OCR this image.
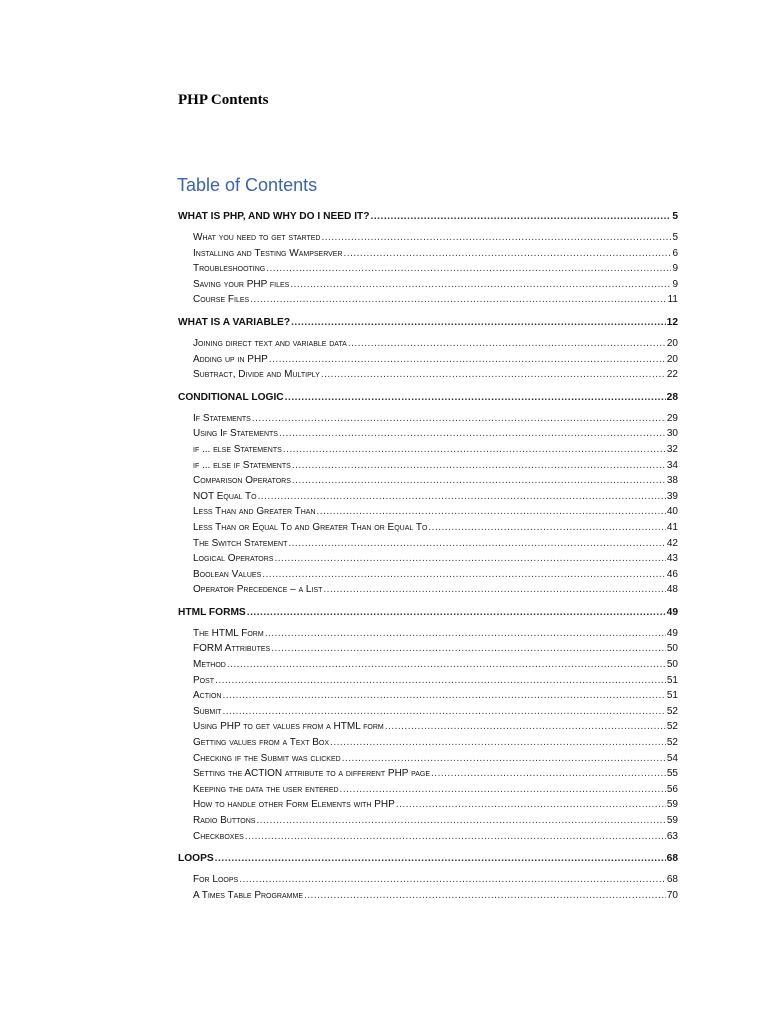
PHP Contents
Table of Contents
WHAT IS PHP, AND WHY DO I NEED IT? .....	5
What you need to get started .....	5
Installing and Testing Wampserver .....	6
Troubleshooting .....	9
Saving your PHP files .....	9
Course Files .....	11
WHAT IS A VARIABLE? .....	12
Joining direct text and variable data .....	20
Adding up in PHP .....	20
Subtract, Divide and Multiply .....	22
CONDITIONAL LOGIC .....	28
If Statements .....	29
Using If Statements .....	30
if ... else Statements .....	32
if ... else if Statements .....	34
Comparison Operators .....	38
NOT Equal To .....	39
Less Than and Greater Than .....	40
Less Than or Equal To and Greater Than or Equal To .....	41
The Switch Statement .....	42
Logical Operators .....	43
Boolean Values .....	46
Operator Precedence – a List .....	48
HTML FORMS .....	49
The HTML Form .....	49
FORM Attributes .....	50
Method .....	50
Post .....	51
Action .....	51
Submit .....	52
Using PHP to get values from a HTML form .....	52
Getting values from a Text Box .....	52
Checking if the Submit was clicked .....	54
Setting the ACTION attribute to a different PHP page .....	55
Keeping the data the user entered .....	56
How to handle other Form Elements with PHP .....	59
Radio Buttons .....	59
Checkboxes .....	63
LOOPS .....	68
For Loops .....	68
A Times Table Programme .....	70
